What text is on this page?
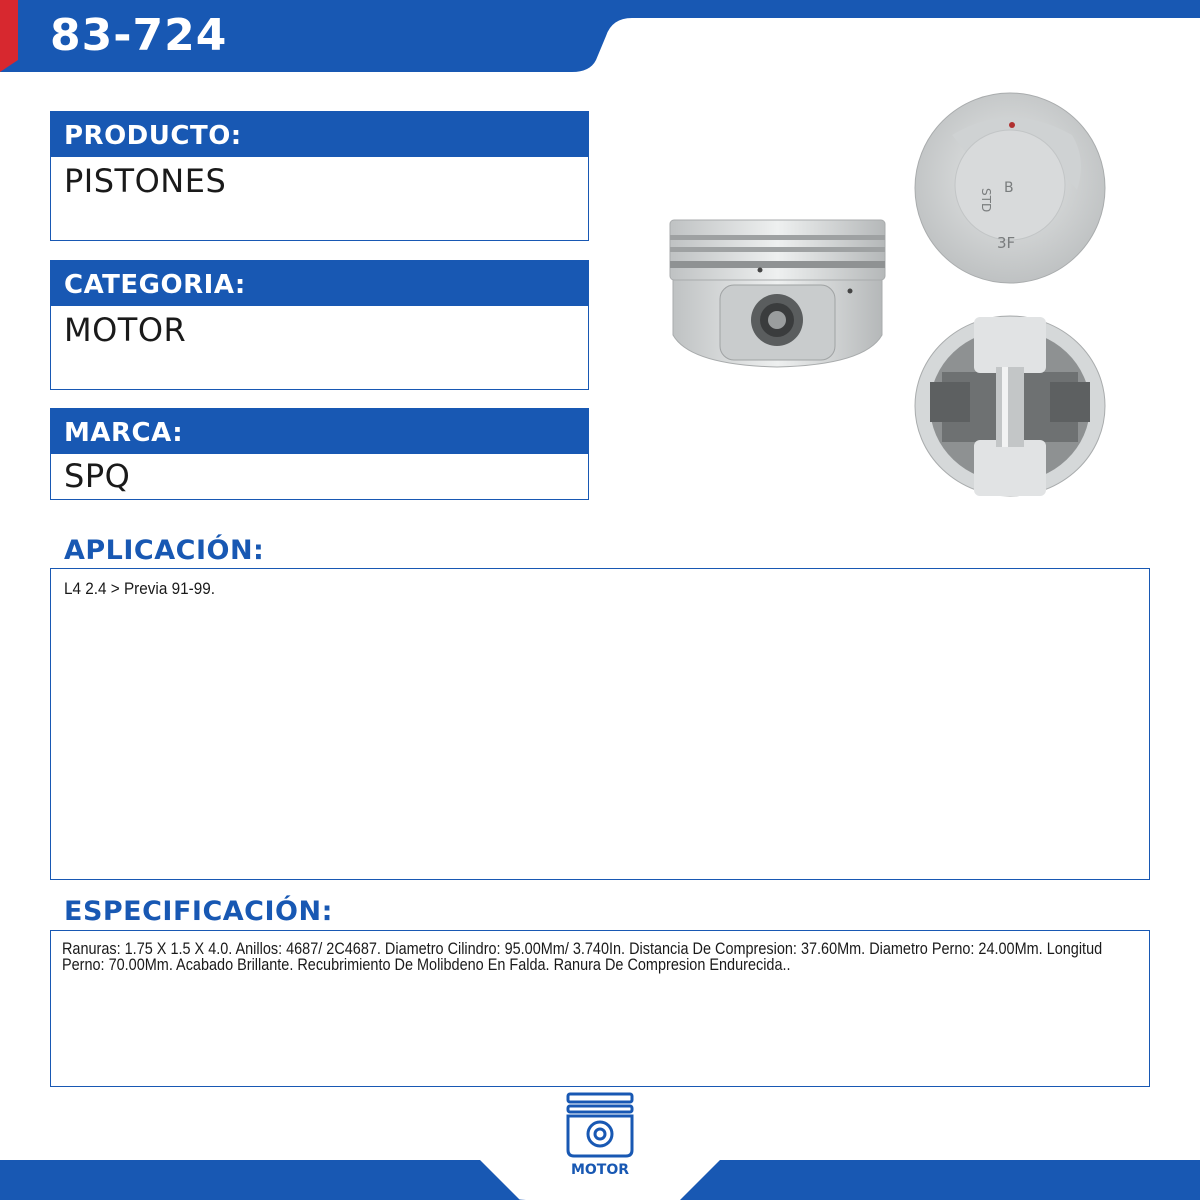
83-724
PRODUCTO:
PISTONES
CATEGORIA:
MOTOR
MARCA:
SPQ
STD B
3F
APLICACIÓN:

L4 2.4 > Previa 91-99.

ESPECIFICACIÓN:

Ranuras: 1.75 X 1.5 X 4.0. Anillos: 4687/ 2C4687. Diametro Cilindro: 95.00Mm/ 3.740In. Distancia De Compresion: 37.60Mm. Diametro Perno: 24.00Mm. Longitud Perno: 70.00Mm. Acabado Brillante. Recubrimiento De Molibdeno En Falda. Ranura De Compresion Endurecida..

MOTOR
